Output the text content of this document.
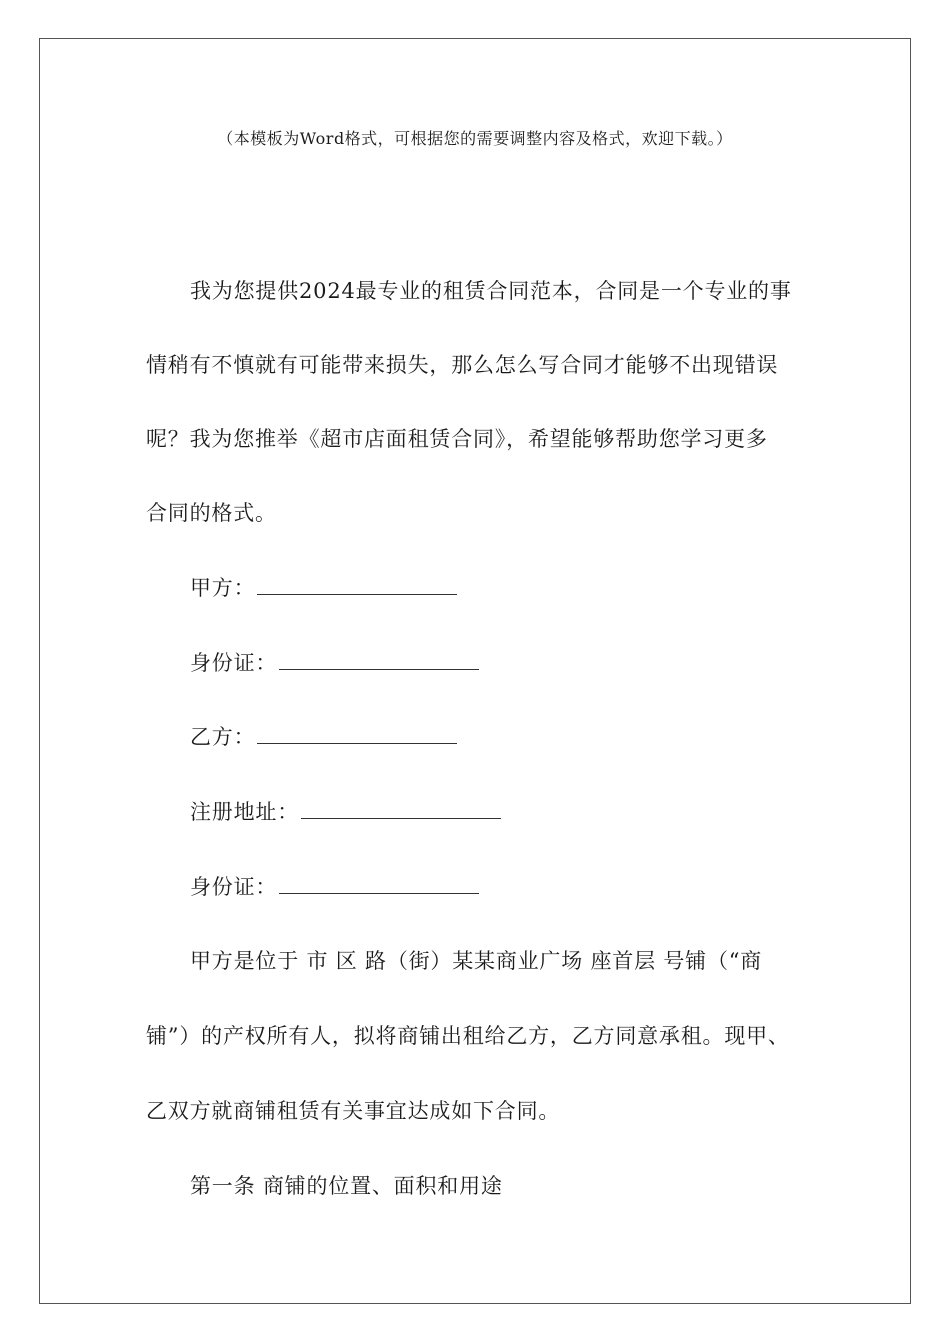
（本模板为Word格式，可根据您的需要调整内容及格式，欢迎下载。）
我为您提供2024最专业的租赁合同范本，合同是一个专业的事
情稍有不慎就有可能带来损失，那么怎么写合同才能够不出现错误
呢？我为您推举《超市店面租赁合同》，希望能够帮助您学习更多
合同的格式。
甲方：
身份证：
乙方：
注册地址：
身份证：
甲方是位于 市 区 路（街）某某商业广场 座首层 号铺（“商
铺”）的产权所有人，拟将商铺出租给乙方，乙方同意承租。现甲、
乙双方就商铺租赁有关事宜达成如下合同。
第一条 商铺的位置、面积和用途
